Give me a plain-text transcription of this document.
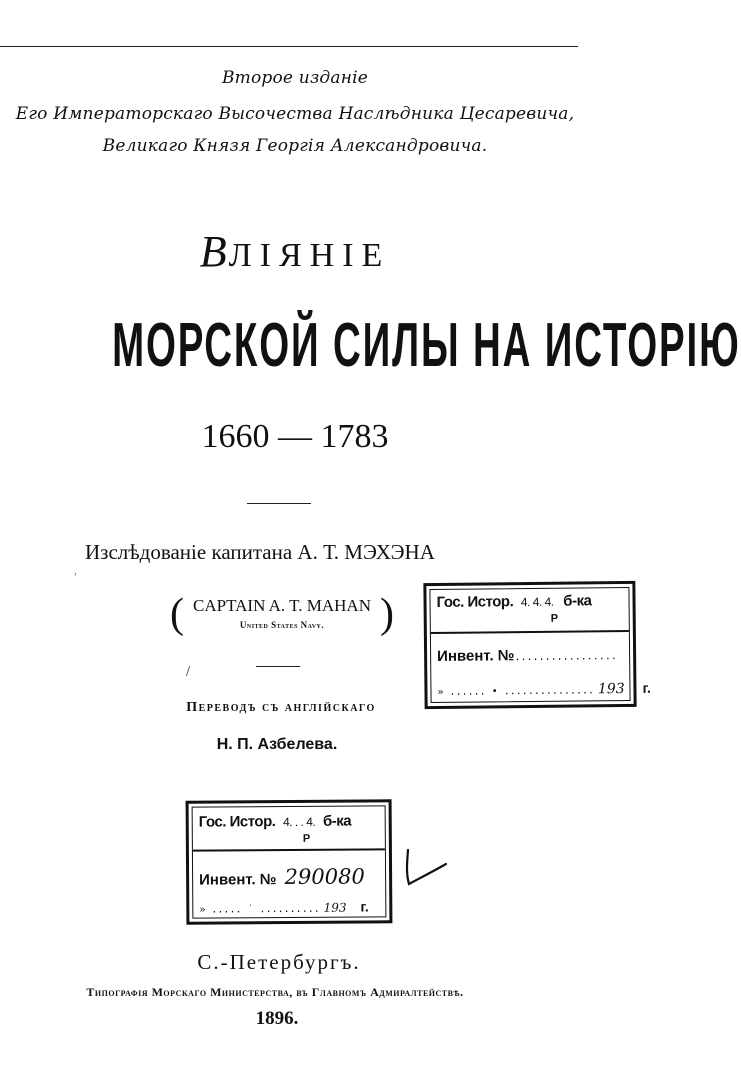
Второе изданіе
Его Императорскаго Высочества Наслѣдника Цесаревича,
Великаго Князя Георгія Александровича.
ВЛІЯНІЕ
МОРСКОЙ СИЛЫ НА ИСТОРІЮ
1660 — 1783
,
Изслѣдованіе капитана А. Т. МЭХЭНА
( CAPTAIN A. T. MAHAN
United States Navy.	)
/
Переводъ съ англійскаго
Н. П. Азбелева.
Гос. Истор. 4. 4. 4. б-ка
Р
Инвент. №.................
» ...... • ............... 193 г.
Гос. Истор. 4. . . 4. б-ка
Р
Инвент. № 290080
» ..... ˙ .......... 193 г.
С.-Петербургъ.
Типографія Морскаго Министерства, въ Главномъ Адмиралтействѣ.
1896.
